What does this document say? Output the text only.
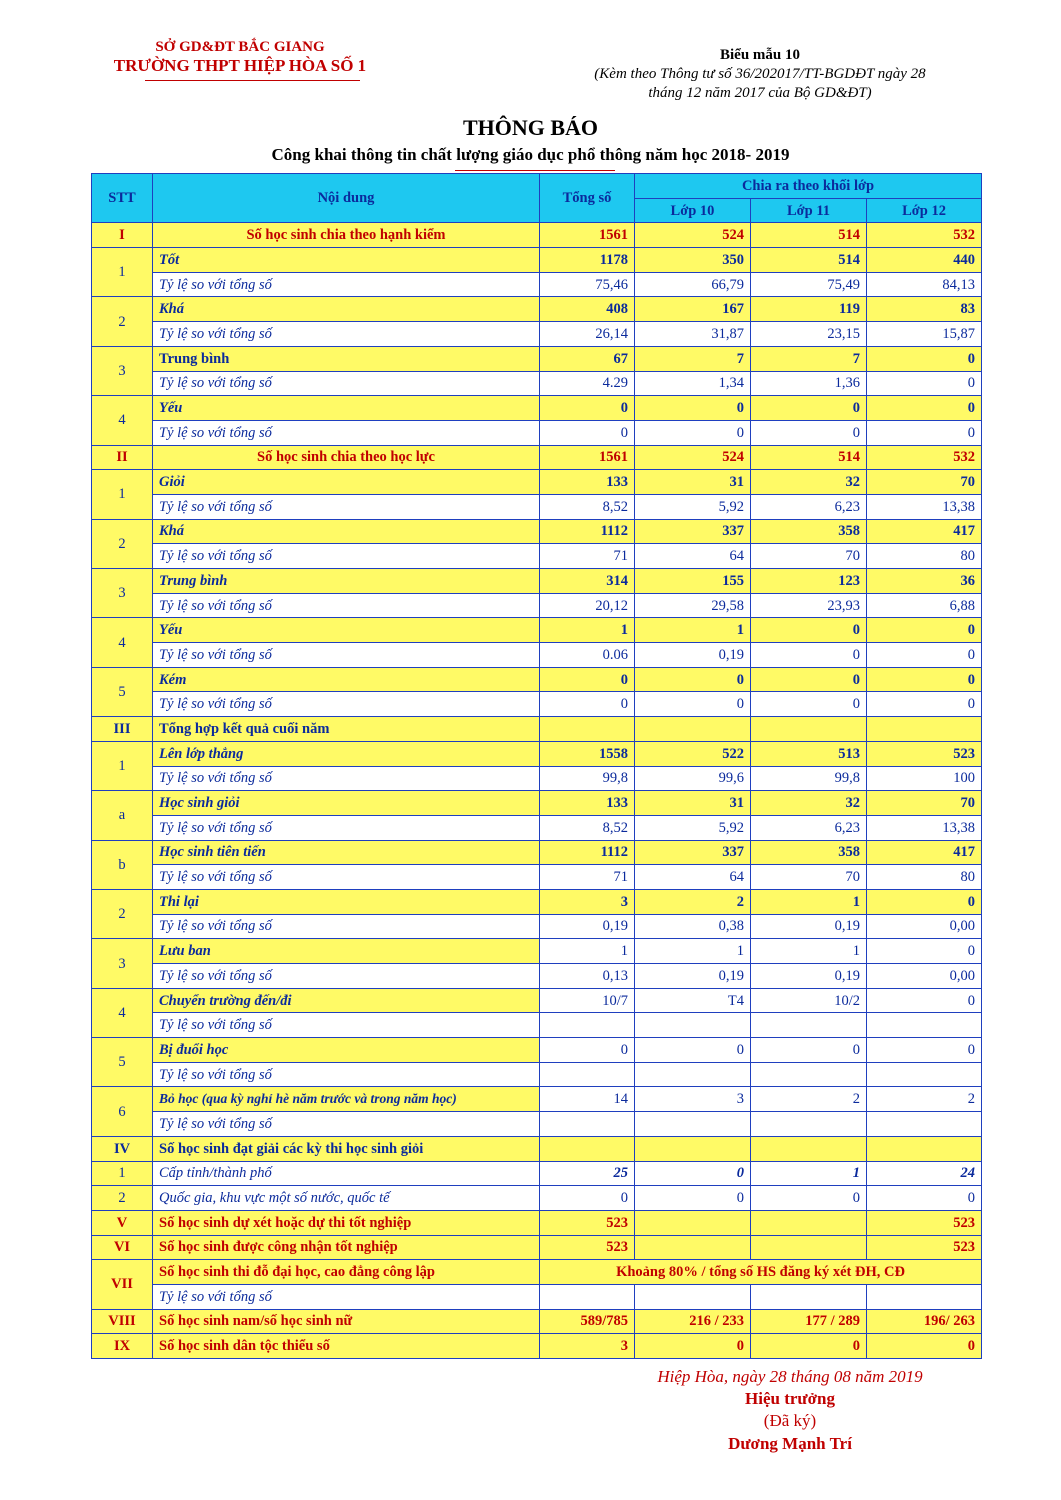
SỞ GD&ĐT BẮC GIANG
TRƯỜNG THPT HIỆP HÒA SỐ 1
Biểu mẫu 10
(Kèm theo Thông tư số 36/202017/TT-BGDĐT ngày 28
tháng 12 năm 2017 của Bộ GD&ĐT)
THÔNG BÁO
Công khai thông tin chất lượng giáo dục phổ thông năm học 2018- 2019
STT	Nội dung	Tổng số	Chia ra theo khối lớp		
			Lớp 10	Lớp 11	Lớp 12
I	Số học sinh chia theo hạnh kiểm	1561	524	514	532
1	Tốt	1178	350	514	440
	Tỷ lệ so với tổng số	75,46	66,79	75,49	84,13
2	Khá	408	167	119	83
	Tỷ lệ so với tổng số	26,14	31,87	23,15	15,87
3	Trung bình	67	7	7	0
	Tỷ lệ so với tổng số	4.29	1,34	1,36	0
4	Yếu	0	0	0	0
	Tỷ lệ so với tổng số	0	0	0	0
II	Số học sinh chia theo học lực	1561	524	514	532
1	Giỏi	133	31	32	70
	Tỷ lệ so với tổng số	8,52	5,92	6,23	13,38
2	Khá	1112	337	358	417
	Tỷ lệ so với tổng số	71	64	70	80
3	Trung bình	314	155	123	36
	Tỷ lệ so với tổng số	20,12	29,58	23,93	6,88
4	Yếu	1	1	0	0
	Tỷ lệ so với tổng số	0.06	0,19	0	0
5	Kém	0	0	0	0
	Tỷ lệ so với tổng số	0	0	0	0
III	Tổng hợp kết quả cuối năm				
1	Lên lớp thẳng	1558	522	513	523
	Tỷ lệ so với tổng số	99,8	99,6	99,8	100
a	Học sinh giỏi	133	31	32	70
	Tỷ lệ so với tổng số	8,52	5,92	6,23	13,38
b	Học sinh tiên tiến	1112	337	358	417
	Tỷ lệ so với tổng số	71	64	70	80
2	Thi lại	3	2	1	0
	Tỷ lệ so với tổng số	0,19	0,38	0,19	0,00
3	Lưu ban	1	1	1	0
	Tỷ lệ so với tổng số	0,13	0,19	0,19	0,00
4	Chuyển trường đến/đi	10/7	T4	10/2	0
	Tỷ lệ so với tổng số				
5	Bị đuổi học	0	0	0	0
	Tỷ lệ so với tổng số				
6	Bỏ học (qua kỳ nghỉ hè năm trước và trong năm học)	14	3	2	2
	Tỷ lệ so với tổng số				
IV	Số học sinh đạt giải các kỳ thi học sinh giỏi				
1	Cấp tỉnh/thành phố	25	0	1	24
2	Quốc gia, khu vực một số nước, quốc tế	0	0	0	0
V	Số học sinh dự xét hoặc dự thi tốt nghiệp	523			523
VI	Số học sinh được công nhận tốt nghiệp	523			523
VII	Số học sinh thi đỗ đại học, cao đẳng công lập	Khoảng 80% / tổng số HS đăng ký xét ĐH, CĐ			
	Tỷ lệ so với tổng số				
VIII	Số học sinh nam/số học sinh nữ	589/785	216 / 233	177 / 289	196/ 263
IX	Số học sinh dân tộc thiểu số	3	0	0	0
Hiệp Hòa, ngày 28 tháng 08 năm 2019
Hiệu trưởng
(Đã ký)
Dương Mạnh Trí
